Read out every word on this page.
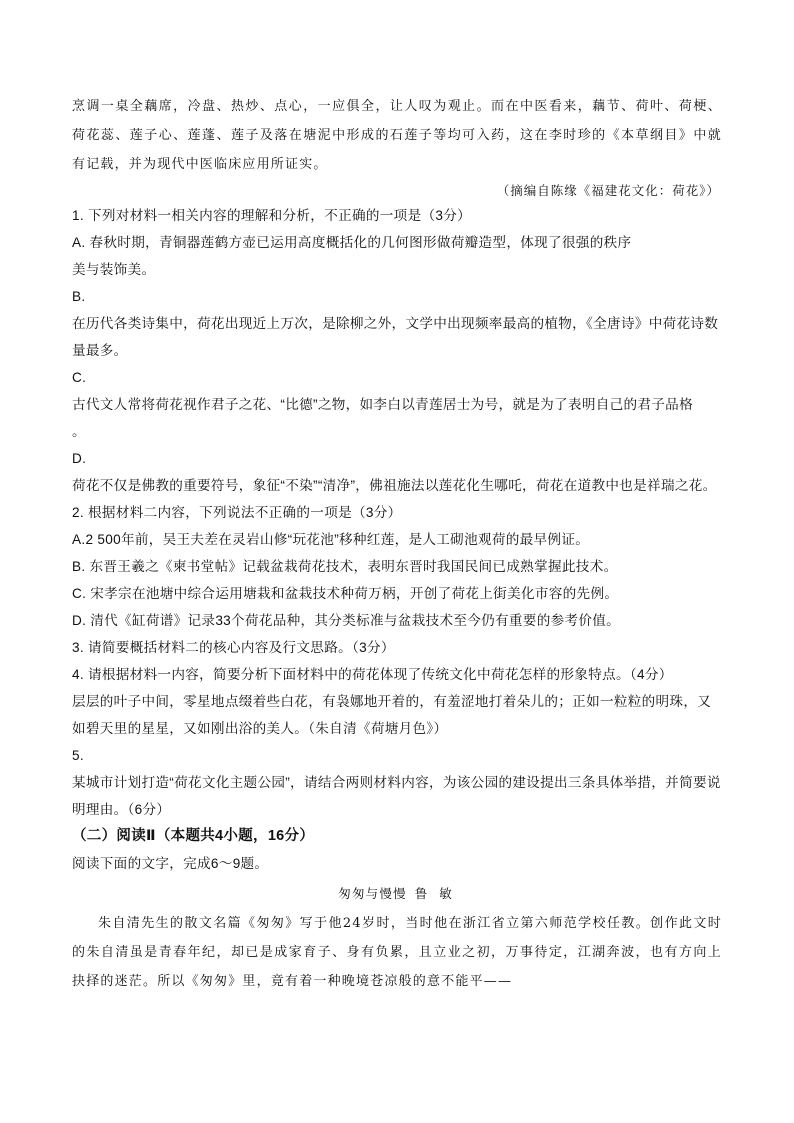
烹调一桌全藕席，冷盘、热炒、点心，一应俱全，让人叹为观止。而在中医看来，藕节、荷叶、荷梗、荷花蕊、莲子心、莲蓬、莲子及落在塘泥中形成的石莲子等均可入药，这在李时珍的《本草纲目》中就有记载，并为现代中医临床应用所证实。

（摘编自陈缘《福建花文化：荷花》）

1. 下列对材料一相关内容的理解和分析，不正确的一项是（3分）

A. 春秋时期，青铜器莲鹤方壶已运用高度概括化的几何图形做荷瓣造型，体现了很强的秩序

美与装饰美。

B.

在历代各类诗集中，荷花出现近上万次，是除柳之外，文学中出现频率最高的植物，《全唐诗》中荷花诗数量最多。

C.

古代文人常将荷花视作君子之花、“比德”之物，如李白以青莲居士为号，就是为了表明自己的君子品格

。

D.

荷花不仅是佛教的重要符号，象征“不染”“清净”，佛祖施法以莲花化生哪吒，荷花在道教中也是祥瑞之花。

2. 根据材料二内容，下列说法不正确的一项是（3分）

A.2 500年前，吴王夫差在灵岩山修“玩花池”移种红莲，是人工砌池观荷的最早例证。

B. 东晋王羲之《柬书堂帖》记载盆栽荷花技术，表明东晋时我国民间已成熟掌握此技术。

C. 宋孝宗在池塘中综合运用塘栽和盆栽技术种荷万柄，开创了荷花上街美化市容的先例。

D. 清代《缸荷谱》记录33个荷花品种，其分类标准与盆栽技术至今仍有重要的参考价值。

3. 请简要概括材料二的核心内容及行文思路。（3分）

4. 请根据材料一内容，简要分析下面材料中的荷花体现了传统文化中荷花怎样的形象特点。（4分）

层层的叶子中间，零星地点缀着些白花，有袅娜地开着的，有羞涩地打着朵儿的；正如一粒粒的明珠，又如碧天里的星星，又如刚出浴的美人。（朱自清《荷塘月色》）

5.

某城市计划打造“荷花文化主题公园”，请结合两则材料内容，为该公园的建设提出三条具体举措，并简要说明理由。（6分）

（二）阅读Ⅱ（本题共4小题，16分）

阅读下面的文字，完成6～9题。

匆匆与慢慢 鲁 敏

朱自清先生的散文名篇《匆匆》写于他24岁时，当时他在浙江省立第六师范学校任教。创作此文时的朱自清虽是青春年纪，却已是成家育子、身有负累，且立业之初，万事待定，江湖奔波，也有方向上抉择的迷茫。所以《匆匆》里，竟有着一种晚境苍凉般的意不能平——
